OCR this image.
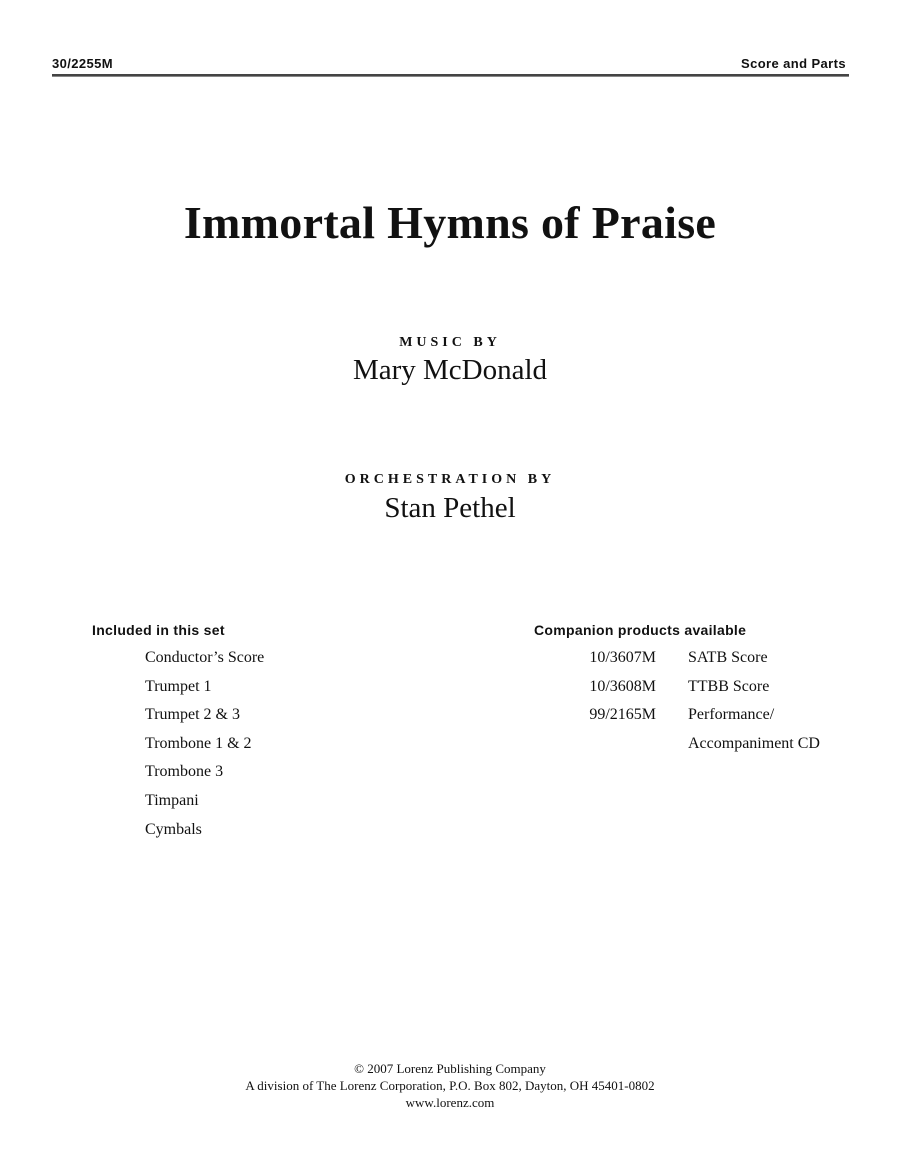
30/2255M	Score and Parts
Immortal Hymns of Praise
MUSIC BY
Mary McDonald
ORCHESTRATION BY
Stan Pethel
Included in this set
Conductor’s Score
Trumpet 1
Trumpet 2 & 3
Trombone 1 & 2
Trombone 3
Timpani
Cymbals
Companion products available
10/3607M	SATB Score
10/3608M	TTBB Score
99/2165M	Performance/
	Accompaniment CD
© 2007 Lorenz Publishing Company
A division of The Lorenz Corporation, P.O. Box 802, Dayton, OH 45401-0802
www.lorenz.com
